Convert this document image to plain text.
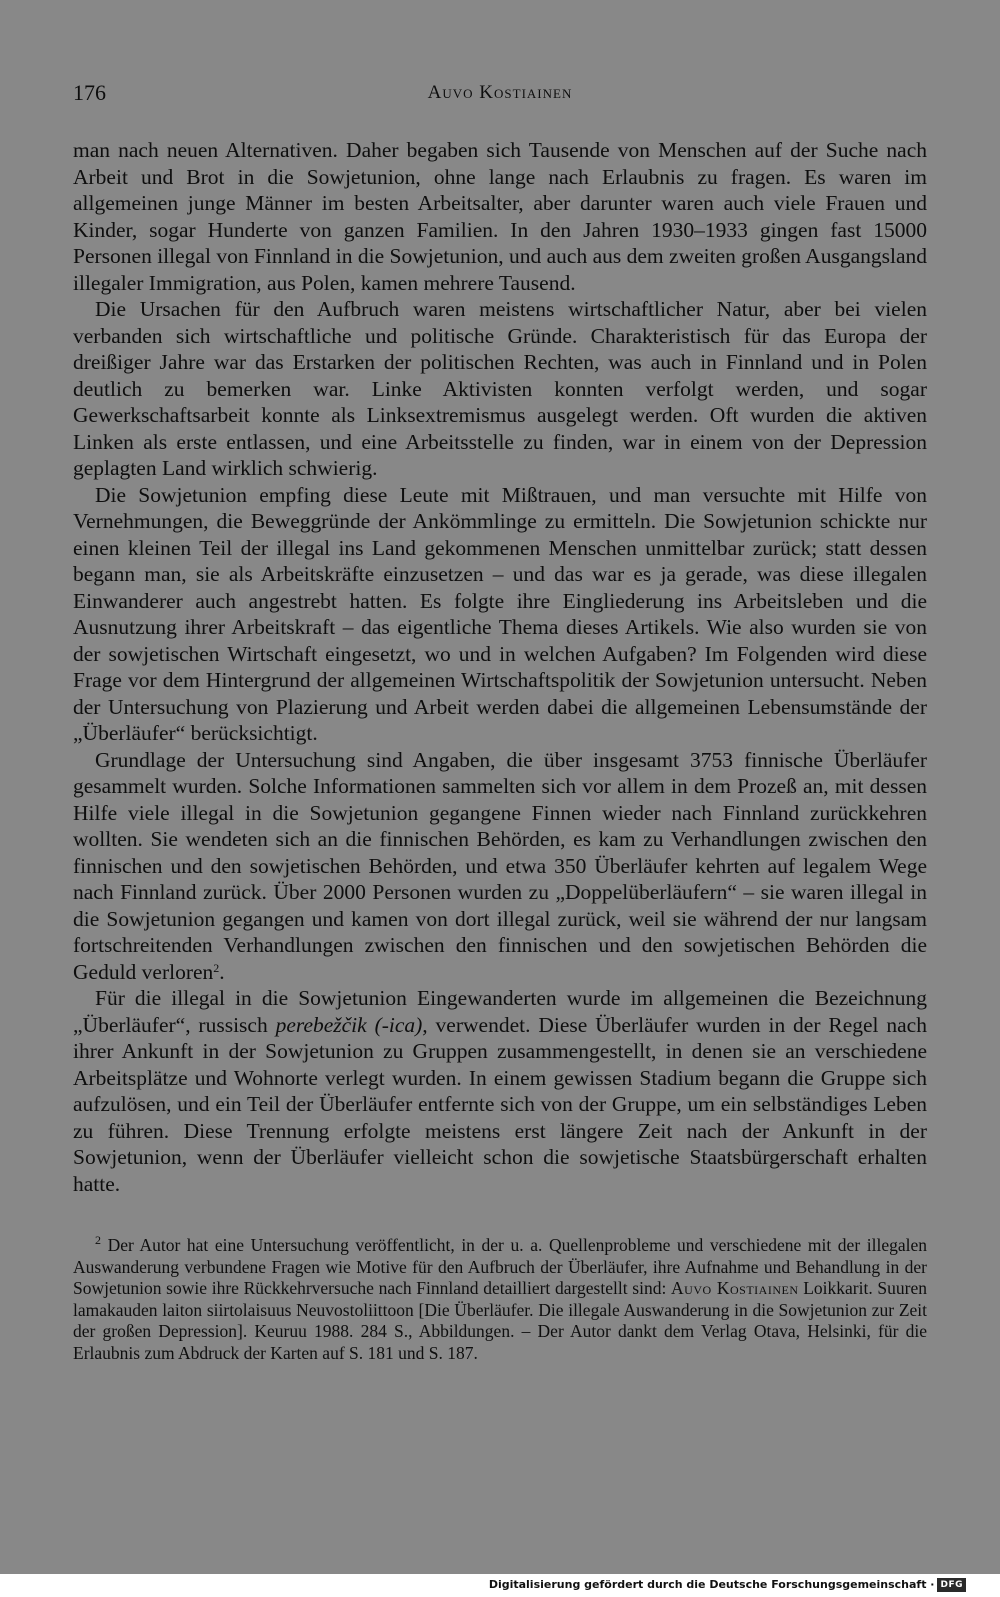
176	Auvo Kostiainen

man nach neuen Alternativen. Daher begaben sich Tausende von Menschen auf der Suche nach Arbeit und Brot in die Sowjetunion, ohne lange nach Erlaubnis zu fragen. Es waren im allgemeinen junge Männer im besten Arbeitsalter, aber darunter waren auch viele Frauen und Kinder, sogar Hunderte von ganzen Familien. In den Jahren 1930–1933 gingen fast 15000 Personen illegal von Finnland in die Sowjetunion, und auch aus dem zweiten großen Ausgangsland illegaler Immigration, aus Polen, kamen mehrere Tausend.

Die Ursachen für den Aufbruch waren meistens wirtschaftlicher Natur, aber bei vielen verbanden sich wirtschaftliche und politische Gründe. Charakteristisch für das Europa der dreißiger Jahre war das Erstarken der politischen Rechten, was auch in Finnland und in Polen deutlich zu bemerken war. Linke Aktivisten konnten verfolgt werden, und sogar Gewerkschaftsarbeit konnte als Linksextremismus ausgelegt werden. Oft wurden die aktiven Linken als erste entlassen, und eine Arbeitsstelle zu finden, war in einem von der Depression geplagten Land wirklich schwierig.

Die Sowjetunion empfing diese Leute mit Mißtrauen, und man versuchte mit Hilfe von Vernehmungen, die Beweggründe der Ankömmlinge zu ermitteln. Die Sowjetunion schickte nur einen kleinen Teil der illegal ins Land gekommenen Menschen unmittelbar zurück; statt dessen begann man, sie als Arbeitskräfte einzusetzen – und das war es ja gerade, was diese illegalen Einwanderer auch angestrebt hatten. Es folgte ihre Eingliederung ins Arbeitsleben und die Ausnutzung ihrer Arbeitskraft – das eigentliche Thema dieses Artikels. Wie also wurden sie von der sowjetischen Wirtschaft eingesetzt, wo und in welchen Aufgaben? Im Folgenden wird diese Frage vor dem Hintergrund der allgemeinen Wirtschaftspolitik der Sowjetunion untersucht. Neben der Untersuchung von Plazierung und Arbeit werden dabei die allgemeinen Lebensumstände der „Überläufer“ berücksichtigt.

Grundlage der Untersuchung sind Angaben, die über insgesamt 3753 finnische Überläufer gesammelt wurden. Solche Informationen sammelten sich vor allem in dem Prozeß an, mit dessen Hilfe viele illegal in die Sowjetunion gegangene Finnen wieder nach Finnland zurückkehren wollten. Sie wendeten sich an die finnischen Behörden, es kam zu Verhandlungen zwischen den finnischen und den sowjetischen Behörden, und etwa 350 Überläufer kehrten auf legalem Wege nach Finnland zurück. Über 2000 Personen wurden zu „Doppelüberläufern“ – sie waren illegal in die Sowjetunion gegangen und kamen von dort illegal zurück, weil sie während der nur langsam fortschreitenden Verhandlungen zwischen den finnischen und den sowjetischen Behörden die Geduld verloren$^2$.

Für die illegal in die Sowjetunion Eingewanderten wurde im allgemeinen die Bezeichnung „Überläufer“, russisch perebežčik (-ica), verwendet. Diese Überläufer wurden in der Regel nach ihrer Ankunft in der Sowjetunion zu Gruppen zusammengestellt, in denen sie an verschiedene Arbeitsplätze und Wohnorte verlegt wurden. In einem gewissen Stadium begann die Gruppe sich aufzulösen, und ein Teil der Überläufer entfernte sich von der Gruppe, um ein selbständiges Leben zu führen. Diese Trennung erfolgte meistens erst längere Zeit nach der Ankunft in der Sowjetunion, wenn der Überläufer vielleicht schon die sowjetische Staatsbürgerschaft erhalten hatte.

$^2$ Der Autor hat eine Untersuchung veröffentlicht, in der u. a. Quellenprobleme und verschiedene mit der illegalen Auswanderung verbundene Fragen wie Motive für den Aufbruch der Überläufer, ihre Aufnahme und Behandlung in der Sowjetunion sowie ihre Rückkehrversuche nach Finnland detailliert dargestellt sind: Auvo Kostiainen Loikkarit. Suuren lamakauden laiton siirtolaisuus Neuvostoliittoon [Die Überläufer. Die illegale Auswanderung in die Sowjetunion zur Zeit der großen Depression]. Keuruu 1988. 284 S., Abbildungen. – Der Autor dankt dem Verlag Otava, Helsinki, für die Erlaubnis zum Abdruck der Karten auf S. 181 und S. 187.

Digitalisierung gefördert durch die Deutsche Forschungsgemeinschaft · DFG
